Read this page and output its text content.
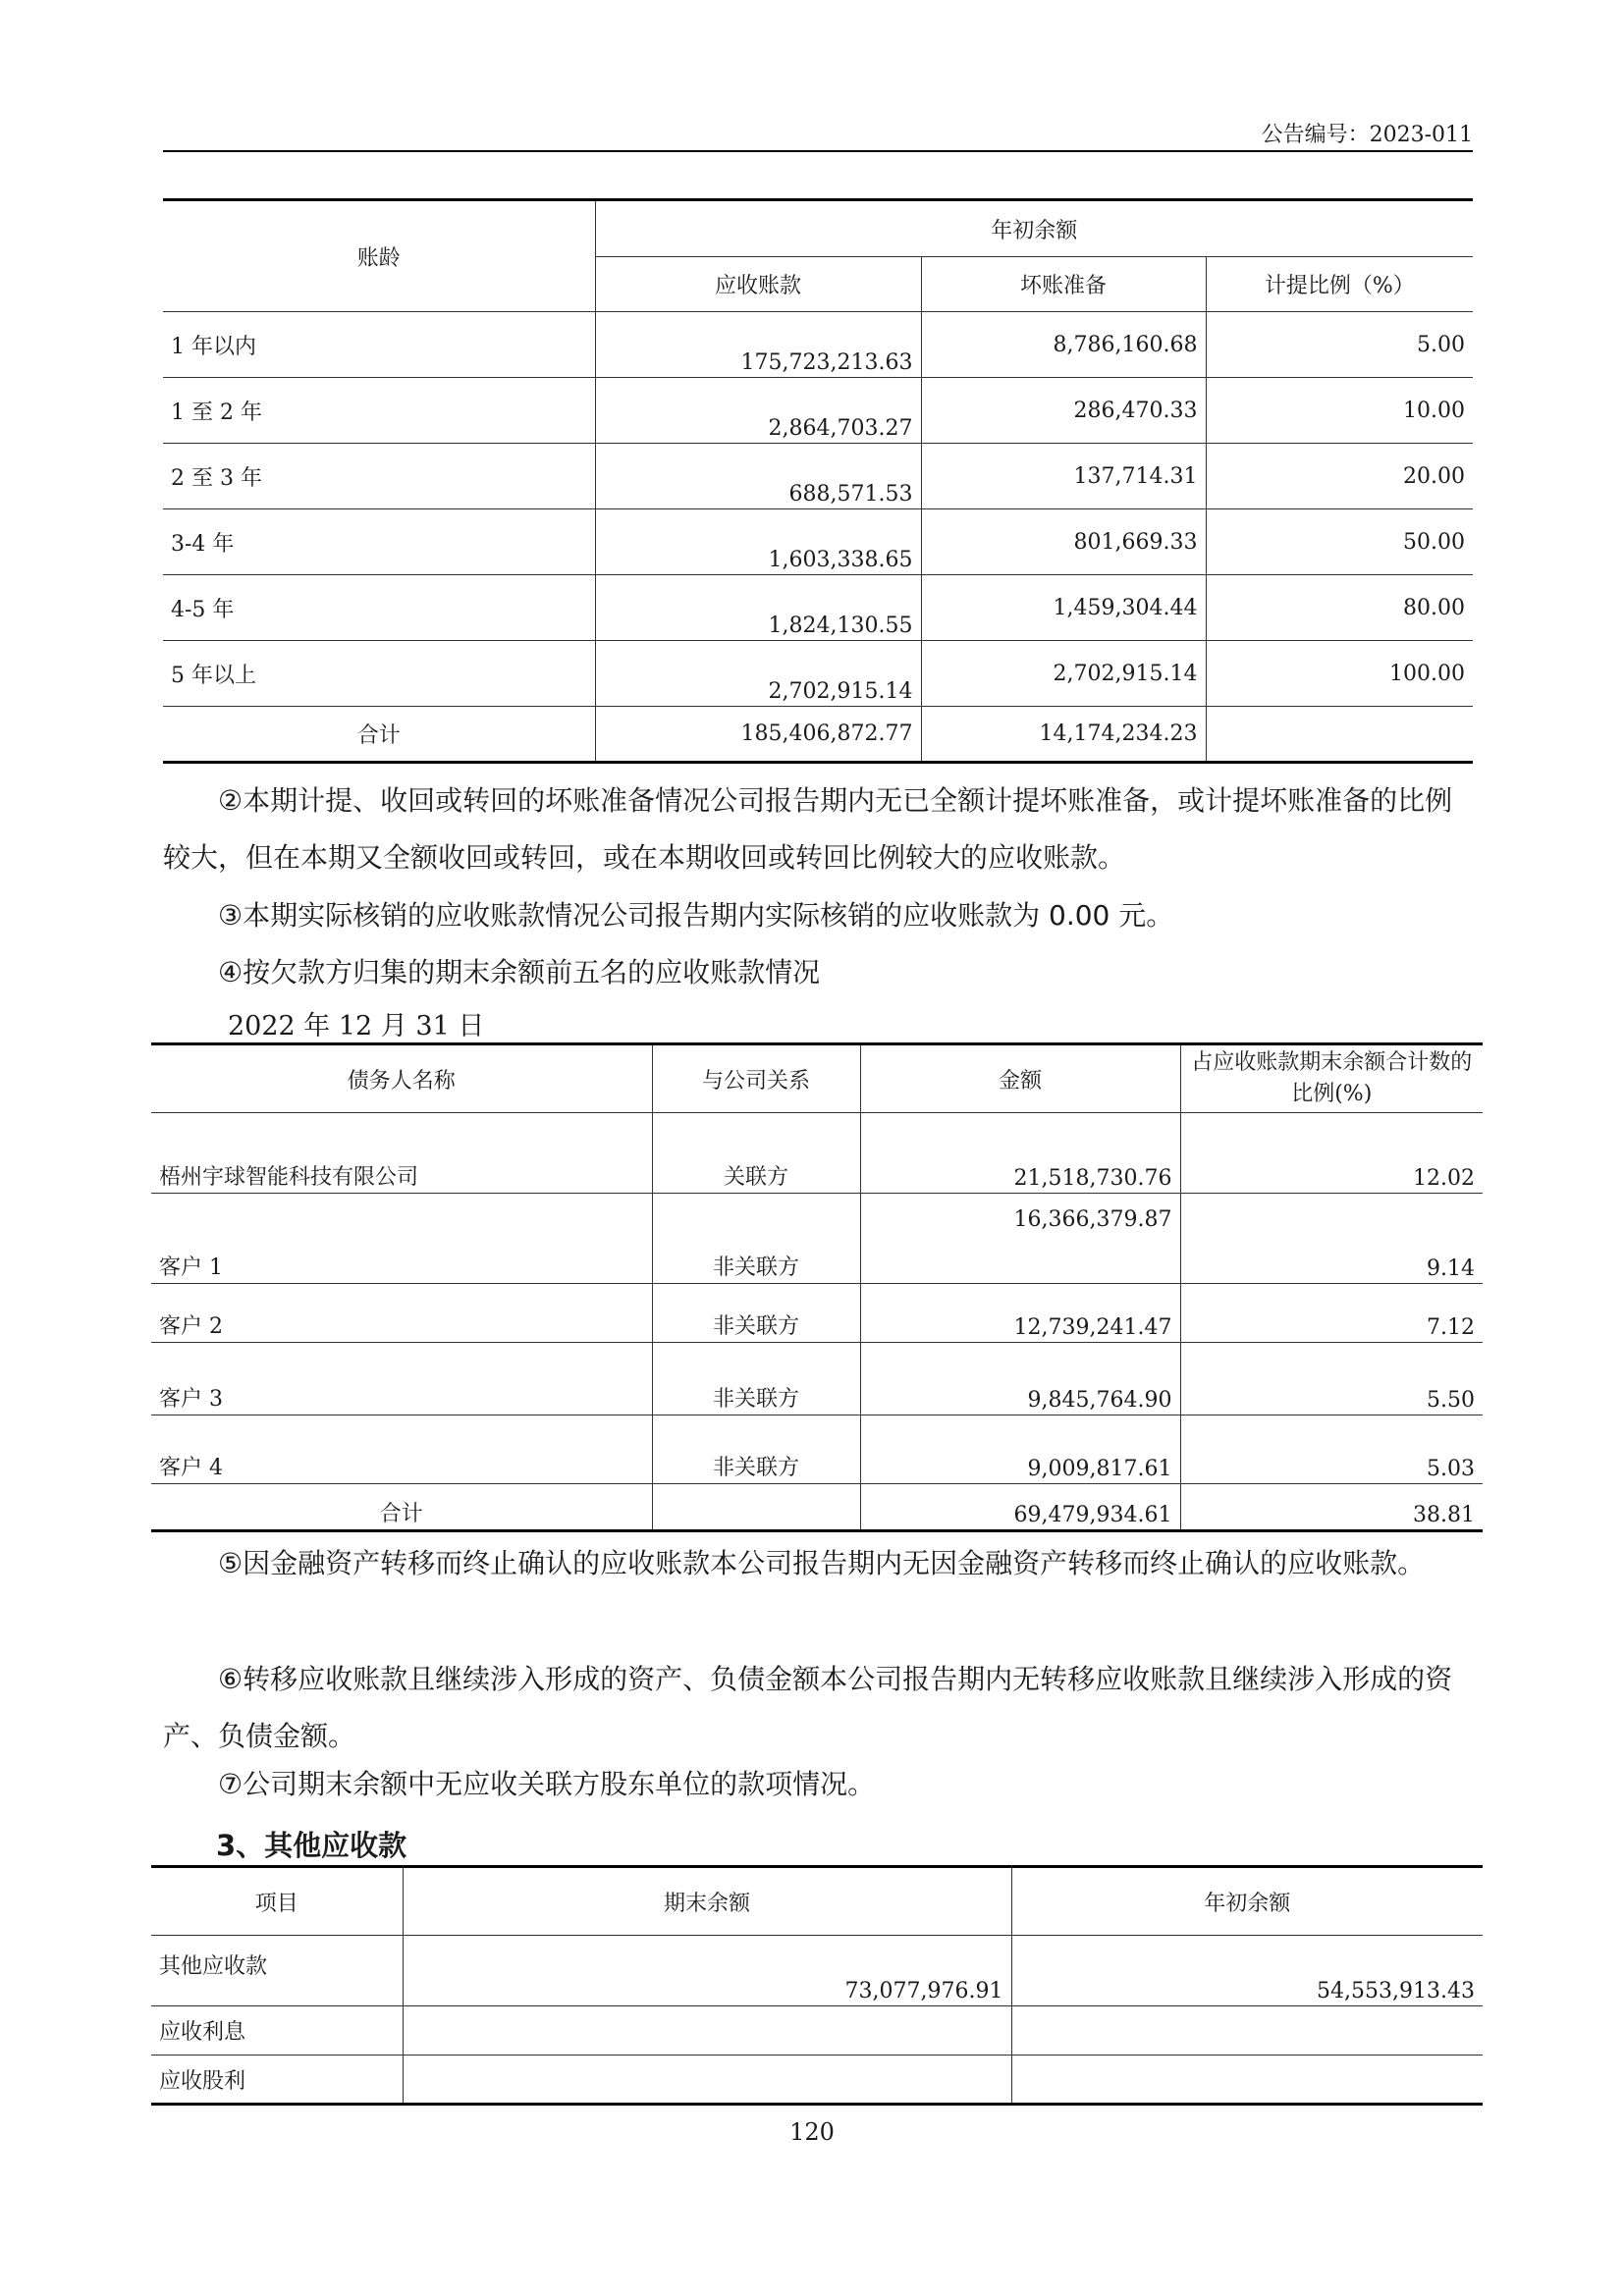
公告编号：2023-011
账龄	年初余额		
	应收账款	坏账准备	计提比例（%）
1 年以内	175,723,213.63	8,786,160.68	5.00
1 至 2 年	2,864,703.27	286,470.33	10.00
2 至 3 年	688,571.53	137,714.31	20.00
3-4 年	1,603,338.65	801,669.33	50.00
4-5 年	1,824,130.55	1,459,304.44	80.00
5 年以上	2,702,915.14	2,702,915.14	100.00
合计	185,406,872.77	14,174,234.23	
②本期计提、收回或转回的坏账准备情况公司报告期内无已全额计提坏账准备，或计提坏账准备的比例较大，但在本期又全额收回或转回，或在本期收回或转回比例较大的应收账款。
③本期实际核销的应收账款情况公司报告期内实际核销的应收账款为 0.00 元。
④按欠款方归集的期末余额前五名的应收账款情况
2022 年 12 月 31 日
债务人名称	与公司关系	金额	占应收账款期末余额合计数的比例(%)
梧州宇球智能科技有限公司	关联方	21,518,730.76	12.02
客户 1	非关联方	16,366,379.87	9.14
客户 2	非关联方	12,739,241.47	7.12
客户 3	非关联方	9,845,764.90	5.50
客户 4	非关联方	9,009,817.61	5.03
合计		69,479,934.61	38.81
⑤因金融资产转移而终止确认的应收账款本公司报告期内无因金融资产转移而终止确认的应收账款。
⑥转移应收账款且继续涉入形成的资产、负债金额本公司报告期内无转移应收账款且继续涉入形成的资产、负债金额。
⑦公司期末余额中无应收关联方股东单位的款项情况。
3、其他应收款
项目	期末余额	年初余额
其他应收款	73,077,976.91	54,553,913.43
应收利息		
应收股利		
120
